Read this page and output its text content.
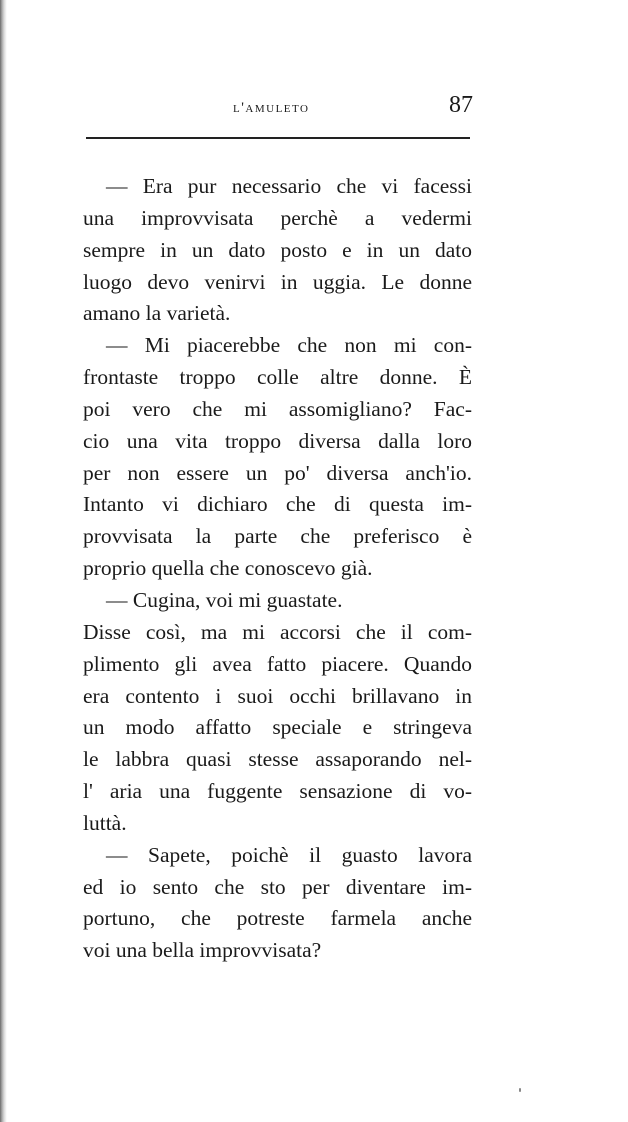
l'amuleto	87
— Era pur necessario che vi facessi
una improvvisata perchè a vedermi
sempre in un dato posto e in un dato
luogo devo venirvi in uggia. Le donne
amano la varietà.
— Mi piacerebbe che non mi con-
frontaste troppo colle altre donne. È
poi vero che mi assomigliano? Fac-
cio una vita troppo diversa dalla loro
per non essere un po' diversa anch'io.
Intanto vi dichiaro che di questa im-
provvisata la parte che preferisco è
proprio quella che conoscevo già.
— Cugina, voi mi guastate.
Disse così, ma mi accorsi che il com-
plimento gli avea fatto piacere. Quando
era contento i suoi occhi brillavano in
un modo affatto speciale e stringeva
le labbra quasi stesse assaporando nel-
l' aria una fuggente sensazione di vo-
luttà.
— Sapete, poichè il guasto lavora
ed io sento che sto per diventare im-
portuno, che potreste farmela anche
voi una bella improvvisata?
